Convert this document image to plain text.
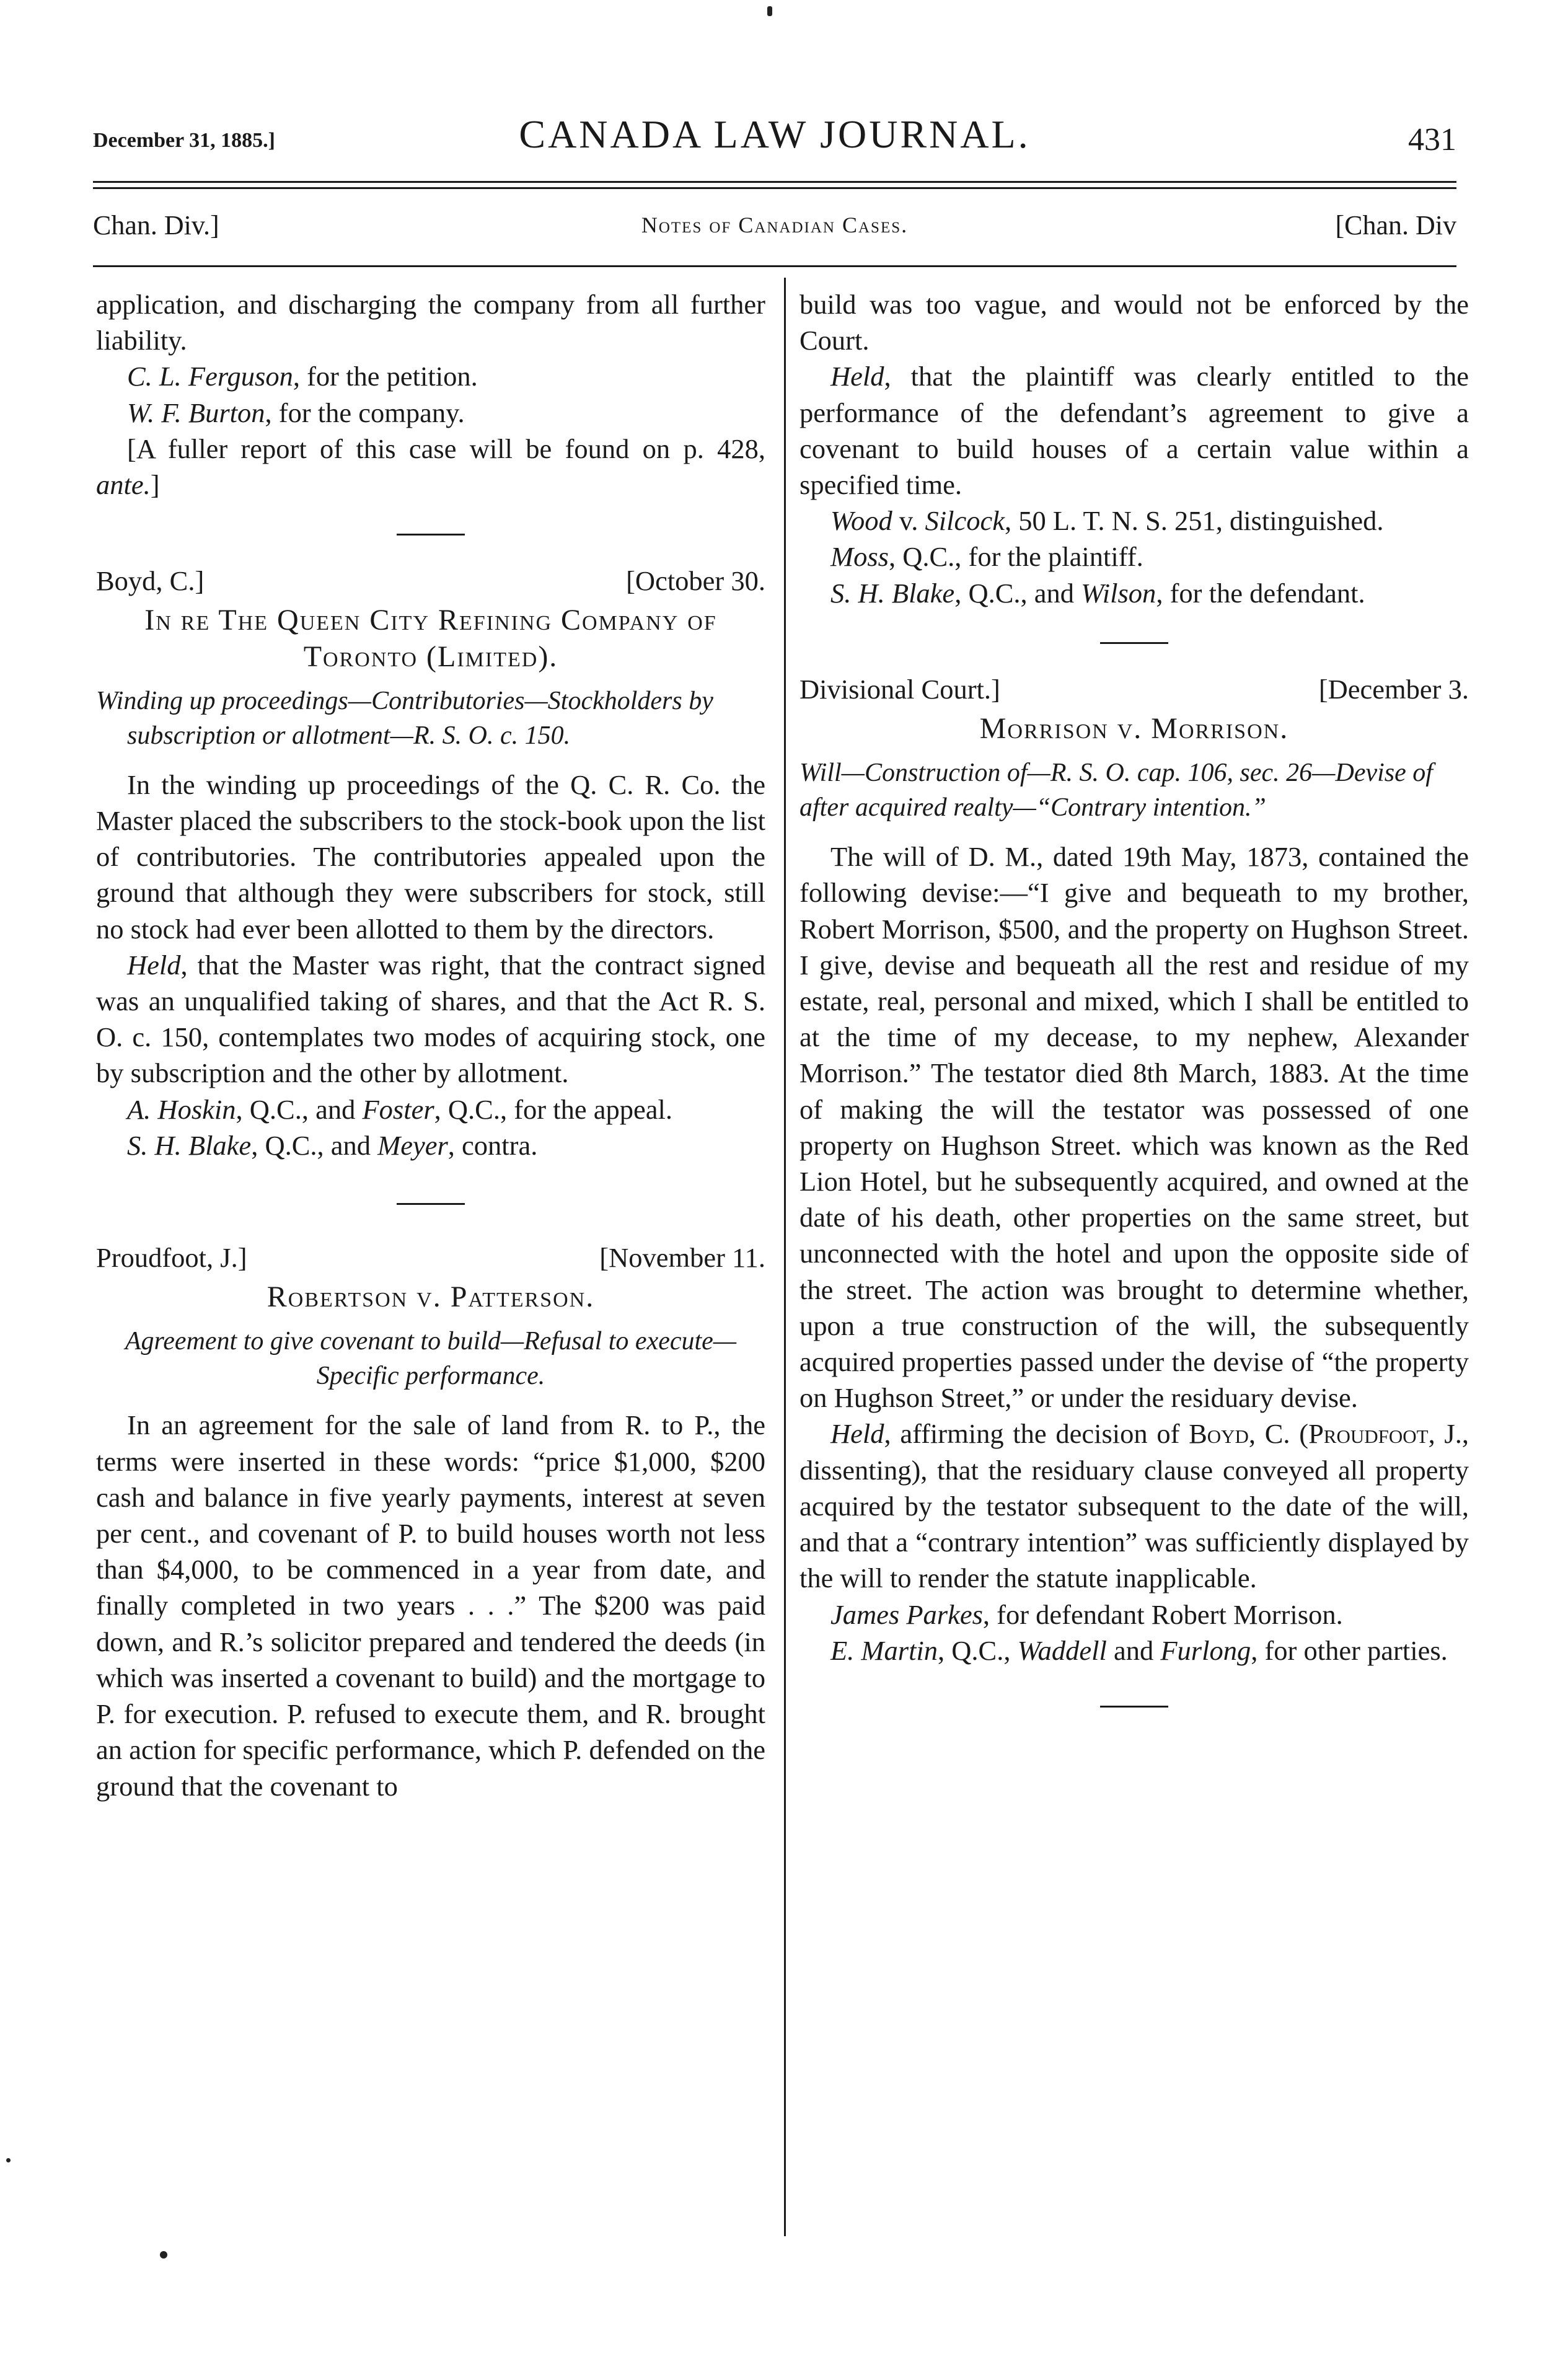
December 31, 1885.]	CANADA LAW JOURNAL.	431
Chan. Div.]	Notes of Canadian Cases.	[Chan. Div

application, and discharging the company from all further liability.

C. L. Ferguson, for the petition.

W. F. Burton, for the company.

[A fuller report of this case will be found on p. 428, ante.]

Boyd, C.]	[October 30.
In re The Queen City Refining Company of Toronto (Limited).
Winding up proceedings—Contributories—Stockholders by subscription or allotment—R. S. O. c. 150.

In the winding up proceedings of the Q. C. R. Co. the Master placed the subscribers to the stock-book upon the list of contributories. The contributories appealed upon the ground that although they were subscribers for stock, still no stock had ever been allotted to them by the directors.

Held, that the Master was right, that the contract signed was an unqualified taking of shares, and that the Act R. S. O. c. 150, contemplates two modes of acquiring stock, one by subscription and the other by allotment.

A. Hoskin, Q.C., and Foster, Q.C., for the appeal.

S. H. Blake, Q.C., and Meyer, contra.

Proudfoot, J.]	[November 11.
Robertson v. Patterson.
Agreement to give covenant to build—Refusal to execute—Specific performance.

In an agreement for the sale of land from R. to P., the terms were inserted in these words: “price $1,000, $200 cash and balance in five yearly payments, interest at seven per cent., and covenant of P. to build houses worth not less than $4,000, to be commenced in a year from date, and finally completed in two years . . .” The $200 was paid down, and R.’s solicitor prepared and tendered the deeds (in which was inserted a covenant to build) and the mortgage to P. for execution. P. refused to execute them, and R. brought an action for specific performance, which P. defended on the ground that the covenant to

build was too vague, and would not be enforced by the Court.

Held, that the plaintiff was clearly entitled to the performance of the defendant’s agreement to give a covenant to build houses of a certain value within a specified time.

Wood v. Silcock, 50 L. T. N. S. 251, distinguished.

Moss, Q.C., for the plaintiff.

S. H. Blake, Q.C., and Wilson, for the defendant.

Divisional Court.]	[December 3.
Morrison v. Morrison.
Will—Construction of—R. S. O. cap. 106, sec. 26—Devise of after acquired realty—“Contrary intention.”

The will of D. M., dated 19th May, 1873, contained the following devise:—“I give and bequeath to my brother, Robert Morrison, $500, and the property on Hughson Street. I give, devise and bequeath all the rest and residue of my estate, real, personal and mixed, which I shall be entitled to at the time of my decease, to my nephew, Alexander Morrison.” The testator died 8th March, 1883. At the time of making the will the testator was possessed of one property on Hughson Street. which was known as the Red Lion Hotel, but he subsequently acquired, and owned at the date of his death, other properties on the same street, but unconnected with the hotel and upon the opposite side of the street. The action was brought to determine whether, upon a true construction of the will, the subsequently acquired properties passed under the devise of “the property on Hughson Street,” or under the residuary devise.

Held, affirming the decision of Boyd, C. (Proudfoot, J., dissenting), that the residuary clause conveyed all property acquired by the testator subsequent to the date of the will, and that a “contrary intention” was sufficiently displayed by the will to render the statute inapplicable.

James Parkes, for defendant Robert Morrison.

E. Martin, Q.C., Waddell and Furlong, for other parties.
